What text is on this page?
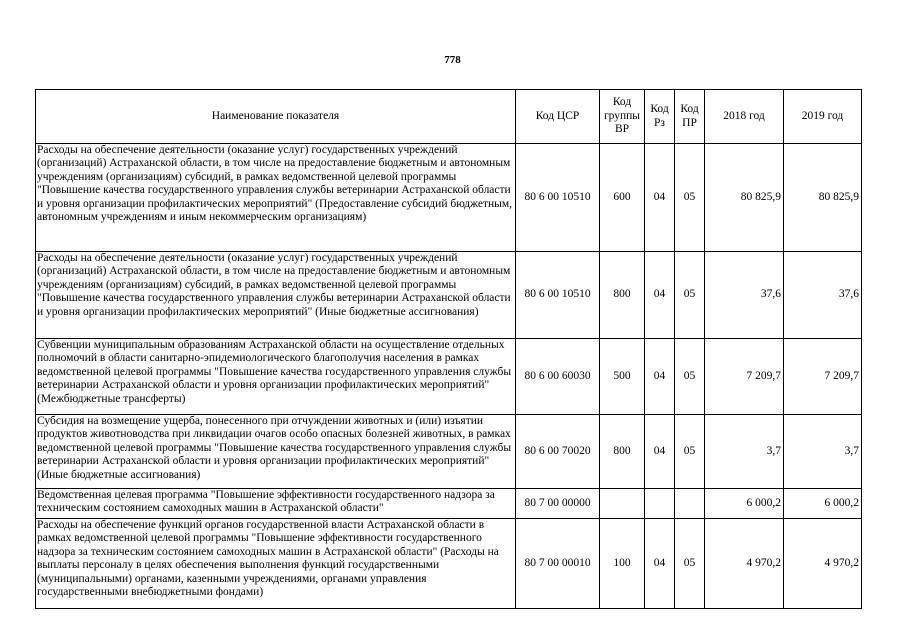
778
Наименование показателя	Код ЦСР	Код группы ВР	Код Рз	Код ПР	2018 год	2019 год
Расходы на обеспечение деятельности (оказание услуг) государственных учреждений (организаций) Астраханской области, в том числе на предоставление бюджетным и автономным учреждениям (организациям) субсидий, в рамках ведомственной целевой программы "Повышение качества государственного управления службы ветеринарии Астраханской области и уровня организации профилактических мероприятий" (Предоставление субсидий бюджетным, автономным учреждениям и иным некоммерческим организациям)	80 6 00 10510	600	04	05	80 825,9	80 825,9
Расходы на обеспечение деятельности (оказание услуг) государственных учреждений (организаций) Астраханской области, в том числе на предоставление бюджетным и автономным учреждениям (организациям) субсидий, в рамках ведомственной целевой программы "Повышение качества государственного управления службы ветеринарии Астраханской области и уровня организации профилактических мероприятий" (Иные бюджетные ассигнования)	80 6 00 10510	800	04	05	37,6	37,6
Субвенции муниципальным образованиям Астраханской области на осуществление отдельных полномочий в области санитарно-эпидемиологического благополучия населения в рамках ведомственной целевой программы "Повышение качества государственного управления службы ветеринарии Астраханской области и уровня организации профилактических мероприятий" (Межбюджетные трансферты)	80 6 00 60030	500	04	05	7 209,7	7 209,7
Субсидия на возмещение ущерба, понесенного при отчуждении животных и (или) изъятии продуктов животноводства при ликвидации очагов особо опасных болезней животных, в рамках ведомственной целевой программы "Повышение качества государственного управления службы ветеринарии Астраханской области и уровня организации профилактических мероприятий" (Иные бюджетные ассигнования)	80 6 00 70020	800	04	05	3,7	3,7
Ведомственная целевая программа "Повышение эффективности государственного надзора за техническим состоянием самоходных машин в Астраханской области"	80 7 00 00000				6 000,2	6 000,2
Расходы на обеспечение функций органов государственной власти Астраханской области в рамках ведомственной целевой программы "Повышение эффективности государственного надзора за техническим состоянием самоходных машин в Астраханской области" (Расходы на выплаты персоналу в целях обеспечения выполнения функций государственными (муниципальными) органами, казенными учреждениями, органами управления государственными внебюджетными фондами)	80 7 00 00010	100	04	05	4 970,2	4 970,2
